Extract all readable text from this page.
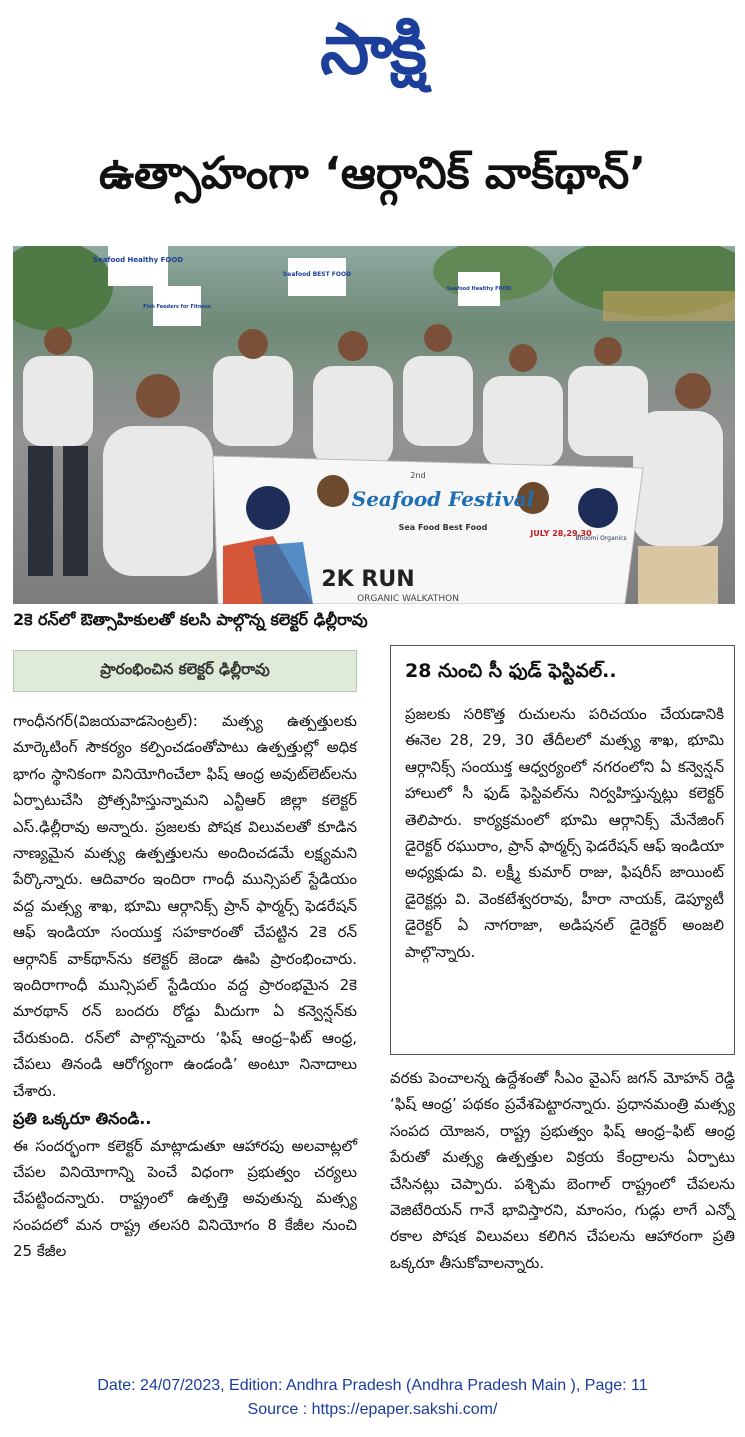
సాక్షి
ఉత్సాహంగా ‘ఆర్గానిక్ వాక్‌థాన్’
Seafood Healthy FOOD
Seafood BEST FOOD
Fish Feeders for Fitness
Seafood Healthy FOOD
2nd
Seafood Festival
Sea Food Best Food
JULY 28,29,30
2K RUN
ORGANIC WALKATHON
Bhoomi Organics
2కె రన్‌లో ఔత్సాహికులతో కలసి పాల్గొన్న కలెక్టర్ ఢిల్లీరావు
ప్రారంభించిన కలెక్టర్ ఢిల్లీరావు

గాంధీనగర్(విజయవాడసెంట్రల్): మత్స్య ఉత్పత్తులకు మార్కెటింగ్ సౌకర్యం కల్పించడంతోపాటు ఉత్పత్తుల్లో అధిక భాగం స్థానికంగా వినియోగించేలా ఫిష్ ఆంధ్ర అవుట్‌లెట్‌లను ఏర్పాటుచేసి ప్రోత్సహిస్తున్నామని ఎన్టీఆర్ జిల్లా కలెక్టర్ ఎస్.ఢిల్లీరావు అన్నారు. ప్రజలకు పోషక విలువలతో కూడిన నాణ్యమైన మత్స్య ఉత్పత్తులను అందించడమే లక్ష్యమని పేర్కొన్నారు. ఆదివారం ఇందిరా గాంధీ మున్సిపల్ స్టేడియం వద్ద మత్స్య శాఖ, భూమి ఆర్గానిక్స్ ప్రాన్ ఫార్మర్స్ ఫెడరేషన్ ఆఫ్ ఇండియా సంయుక్త సహకారంతో చేపట్టిన 2కె రన్ ఆర్గానిక్ వాక్‌థాన్‌ను కలెక్టర్ జెండా ఊపి ప్రారంభించారు. ఇందిరాగాంధీ మున్సిపల్ స్టేడియం వద్ద ప్రారంభమైన 2కె మారథాన్ రన్ బందరు రోడ్డు మీదుగా ఏ కన్వెన్షన్‌కు చేరుకుంది. రన్‌లో పాల్గొన్నవారు ‘ఫిష్ ఆంధ్ర–ఫిట్ ఆంధ్ర, చేపలు తినండి ఆరోగ్యంగా ఉండండి’ అంటూ నినాదాలు చేశారు.

ప్రతి ఒక్కరూ తినండి..

ఈ సందర్భంగా కలెక్టర్ మాట్లాడుతూ ఆహారపు అలవాట్లలో చేపల వినియోగాన్ని పెంచే విధంగా ప్రభుత్వం చర్యలు చేపట్టిందన్నారు. రాష్ట్రంలో ఉత్పత్తి అవుతున్న మత్స్య సంపదలో మన రాష్ట్ర తలసరి వినియోగం 8 కేజీల నుంచి 25 కేజీల

28 నుంచి సీ ఫుడ్ ఫెస్టివల్..
ప్రజలకు సరికొత్త రుచులను పరిచయం చేయడానికి ఈనెల 28, 29, 30 తేదీలలో మత్స్య శాఖ, భూమి ఆర్గానిక్స్ సంయుక్త ఆధ్వర్యంలో నగరంలోని ఏ కన్వెన్షన్ హాలులో సీ ఫుడ్ ఫెస్టివల్‌ను నిర్వహిస్తున్నట్లు కలెక్టర్ తెలిపారు. కార్యక్రమంలో భూమి ఆర్గానిక్స్ మేనేజింగ్ డైరెక్టర్ రఘురాం, ప్రాన్ ఫార్మర్స్ ఫెడరేషన్ ఆఫ్ ఇండియా అధ్యక్షుడు వి. లక్ష్మీ కుమార్ రాజు, ఫిషరీస్ జాయింట్ డైరెక్టర్లు వి. వెంకటేశ్వరరావు, హీరా నాయక్, డెప్యూటీ డైరెక్టర్ ఏ నాగరాజా, అడిషనల్ డైరెక్టర్ అంజలి పాల్గొన్నారు.
వరకు పెంచాలన్న ఉద్దేశంతో సీఎం వైఎస్ జగన్ మోహన్ రెడ్డి ‘ఫిష్ ఆంధ్ర’ పథకం ప్రవేశపెట్టారన్నారు. ప్రధానమంత్రి మత్స్య సంపద యోజన, రాష్ట్ర ప్రభుత్వం ఫిష్ ఆంధ్ర–ఫిట్ ఆంధ్ర పేరుతో మత్స్య ఉత్పత్తుల విక్రయ కేంద్రాలను ఏర్పాటు చేసినట్లు చెప్పారు. పశ్చిమ బెంగాల్ రాష్ట్రంలో చేపలను వెజిటేరియన్ గానే భావిస్తారని, మాంసం, గుడ్లు లాగే ఎన్నో రకాల పోషక విలువలు కలిగిన చేపలను ఆహారంగా ప్రతి ఒక్కరూ తీసుకోవాలన్నారు.
Date: 24/07/2023, Edition: Andhra Pradesh (Andhra Pradesh Main ), Page: 11
Source : https://epaper.sakshi.com/
